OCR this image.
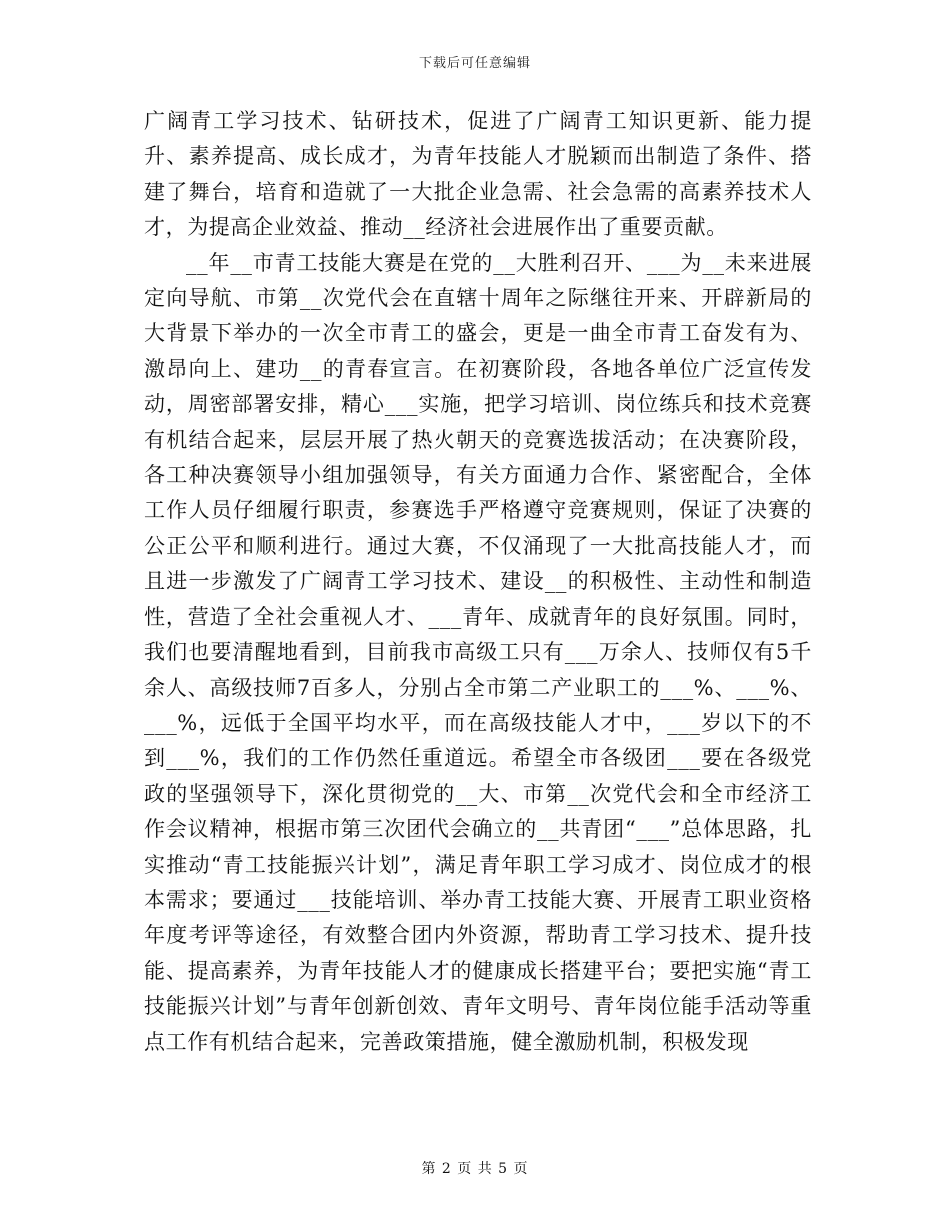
下载后可任意编辑

广阔青工学习技术、钻研技术，促进了广阔青工知识更新、能力提升、素养提高、成长成才，为青年技能人才脱颖而出制造了条件、搭建了舞台，培育和造就了一大批企业急需、社会急需的高素养技术人才，为提高企业效益、推动__经济社会进展作出了重要贡献。

__年__市青工技能大赛是在党的__大胜利召开、___为__未来进展定向导航、市第__次党代会在直辖十周年之际继往开来、开辟新局的大背景下举办的一次全市青工的盛会，更是一曲全市青工奋发有为、激昂向上、建功__的青春宣言。在初赛阶段，各地各单位广泛宣传发动，周密部署安排，精心___实施，把学习培训、岗位练兵和技术竞赛有机结合起来，层层开展了热火朝天的竞赛选拔活动；在决赛阶段，各工种决赛领导小组加强领导，有关方面通力合作、紧密配合，全体工作人员仔细履行职责，参赛选手严格遵守竞赛规则，保证了决赛的公正公平和顺利进行。通过大赛，不仅涌现了一大批高技能人才，而且进一步激发了广阔青工学习技术、建设__的积极性、主动性和制造性，营造了全社会重视人才、___青年、成就青年的良好氛围。同时，我们也要清醒地看到，目前我市高级工只有___万余人、技师仅有5千余人、高级技师7百多人，分别占全市第二产业职工的___%、___%、___%，远低于全国平均水平，而在高级技能人才中，___岁以下的不到___%，我们的工作仍然任重道远。希望全市各级团___要在各级党政的坚强领导下，深化贯彻党的__大、市第__次党代会和全市经济工作会议精神，根据市第三次团代会确立的__共青团“___”总体思路，扎实推动“青工技能振兴计划”，满足青年职工学习成才、岗位成才的根本需求；要通过___技能培训、举办青工技能大赛、开展青工职业资格年度考评等途径，有效整合团内外资源，帮助青工学习技术、提升技能、提高素养，为青年技能人才的健康成长搭建平台；要把实施“青工技能振兴计划”与青年创新创效、青年文明号、青年岗位能手活动等重点工作有机结合起来，完善政策措施，健全激励机制，积极发现

第 2 页 共 5 页
